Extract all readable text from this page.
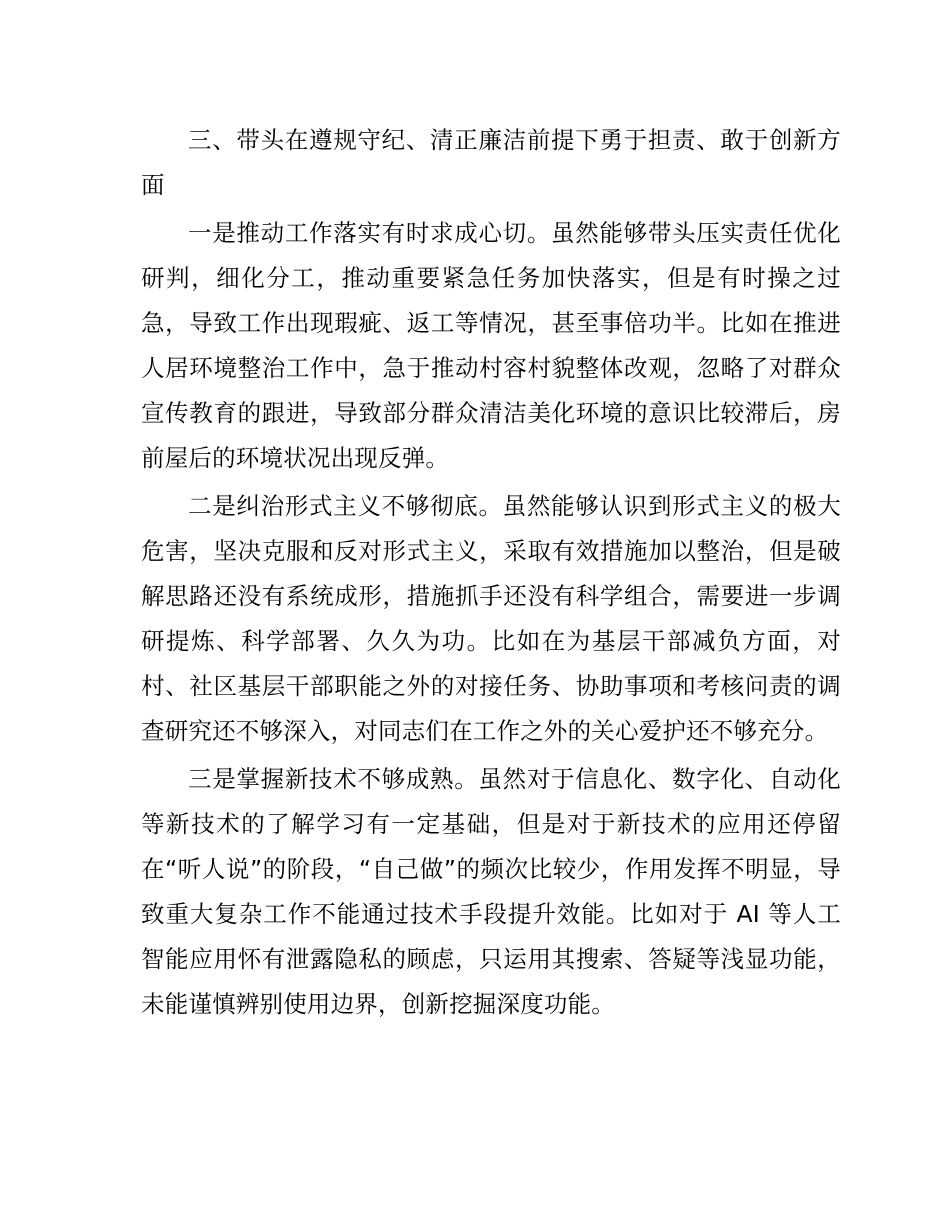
三、带头在遵规守纪、清正廉洁前提下勇于担责、敢于创新方面

一是推动工作落实有时求成心切。虽然能够带头压实责任优化研判，细化分工，推动重要紧急任务加快落实，但是有时操之过急，导致工作出现瑕疵、返工等情况，甚至事倍功半。比如在推进人居环境整治工作中，急于推动村容村貌整体改观，忽略了对群众宣传教育的跟进，导致部分群众清洁美化环境的意识比较滞后，房前屋后的环境状况出现反弹。

二是纠治形式主义不够彻底。虽然能够认识到形式主义的极大危害，坚决克服和反对形式主义，采取有效措施加以整治，但是破解思路还没有系统成形，措施抓手还没有科学组合，需要进一步调研提炼、科学部署、久久为功。比如在为基层干部减负方面，对村、社区基层干部职能之外的对接任务、协助事项和考核问责的调查研究还不够深入，对同志们在工作之外的关心爱护还不够充分。

三是掌握新技术不够成熟。虽然对于信息化、数字化、自动化等新技术的了解学习有一定基础，但是对于新技术的应用还停留在“听人说”的阶段，“自己做”的频次比较少，作用发挥不明显，导致重大复杂工作不能通过技术手段提升效能。比如对于 AI 等人工智能应用怀有泄露隐私的顾虑，只运用其搜索、答疑等浅显功能，未能谨慎辨别使用边界，创新挖掘深度功能。
